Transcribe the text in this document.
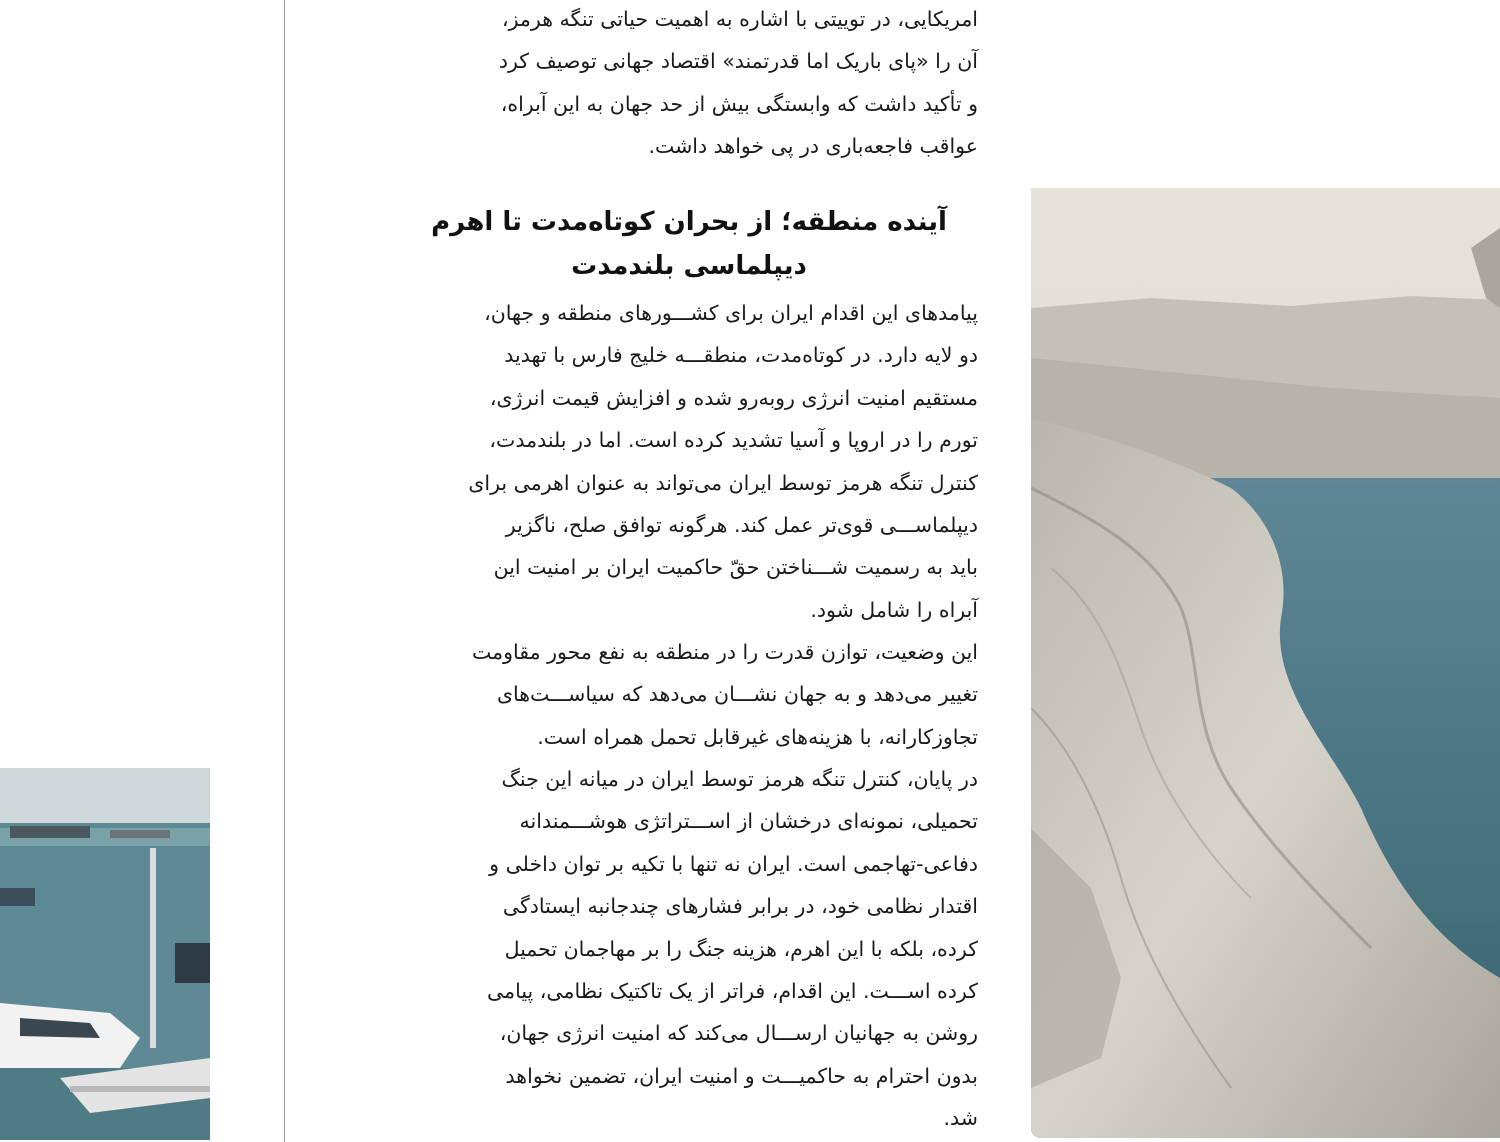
امریکایی، در توییتی با اشاره به اهمیت حیاتی تنگه هرمز،

آن را «پای باریک اما قدرتمند» اقتصاد جهانی توصیف کرد

و تأکید داشت که وابستگی بیش از حد جهان به این آبراه،

عواقب فاجعه‌باری در پی خواهد داشت.

آینده منطقه؛ از بحران کوتاه‌مدت تا اهرم

دیپلماسی بلندمدت

پیامدهای این اقدام ایران برای کشـــورهای منطقه و جهان،

دو لایه دارد. در کوتاه‌مدت، منطقـــه خلیج فارس با تهدید

مستقیم امنیت انرژی روبه‌رو شده و افزایش قیمت انرژی،

تورم را در اروپا و آسیا تشدید کرده است. اما در بلندمدت،

کنترل تنگه هرمز توسط ایران می‌تواند به عنوان اهرمی برای

دیپلماســـی قوی‌تر عمل کند. هرگونه توافق صلح، ناگزیر

باید به رسمیت شـــناختن حقّ حاکمیت ایران بر امنیت این

آبراه را شامل شود.

این وضعیت، توازن قدرت را در منطقه به نفع محور مقاومت

تغییر می‌دهد و به جهان نشـــان می‌دهد که سیاســـت‌های

تجاوزکارانه، با هزینه‌های غیرقابل تحمل همراه است.

در پایان، کنترل تنگه هرمز توسط ایران در میانه این جنگ

تحمیلی، نمونه‌ای درخشان از اســـتراتژی هوشـــمندانه

دفاعی-تهاجمی است. ایران نه تنها با تکیه بر توان داخلی و

اقتدار نظامی خود، در برابر فشارهای چندجانبه ایستادگی

کرده، بلکه با این اهرم، هزینه جنگ را بر مهاجمان تحمیل

کرده اســـت. این اقدام، فراتر از یک تاکتیک نظامی، پیامی

روشن به جهانیان ارســـال می‌کند که امنیت انرژی جهان،

بدون احترام به حاکمیـــت و امنیت ایران، تضمین نخواهد

شد.
